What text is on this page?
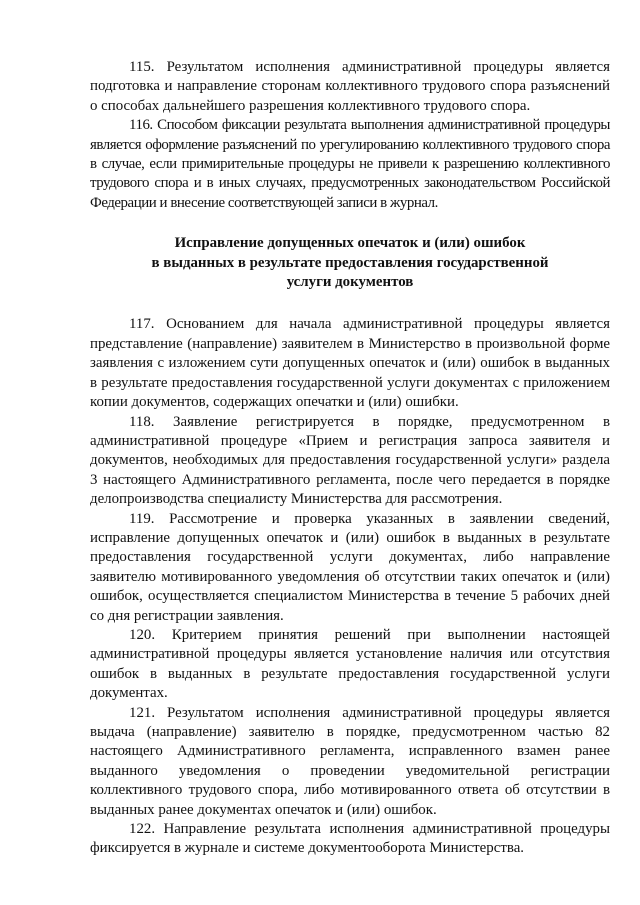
115. Результатом исполнения административной процедуры является подготовка и направление сторонам коллективного трудового спора разъяснений о способах дальнейшего разрешения коллективного трудового спора.

116. Способом фиксации результата выполнения административной процедуры является оформление разъяснений по урегулированию коллективного трудового спора в случае, если примирительные процедуры не привели к разрешению коллективного трудового спора и в иных случаях, предусмотренных законодательством Российской Федерации и внесение соответствующей записи в журнал.

Исправление допущенных опечаток и (или) ошибок
в выданных в результате предоставления государственной
услуги документов

117. Основанием для начала административной процедуры является представление (направление) заявителем в Министерство в произвольной форме заявления с изложением сути допущенных опечаток и (или) ошибок в выданных в результате предоставления государственной услуги документах с приложением копии документов, содержащих опечатки и (или) ошибки.

118. Заявление регистрируется в порядке, предусмотренном в административной процедуре «Прием и регистрация запроса заявителя и документов, необходимых для предоставления государственной услуги» раздела 3 настоящего Административного регламента, после чего передается в порядке делопроизводства специалисту Министерства для рассмотрения.

119. Рассмотрение и проверка указанных в заявлении сведений, исправление допущенных опечаток и (или) ошибок в выданных в результате предоставления государственной услуги документах, либо направление заявителю мотивированного уведомления об отсутствии таких опечаток и (или) ошибок, осуществляется специалистом Министерства в течение 5 рабочих дней со дня регистрации заявления.

120. Критерием принятия решений при выполнении настоящей административной процедуры является установление наличия или отсутствия ошибок в выданных в результате предоставления государственной услуги документах.

121. Результатом исполнения административной процедуры является выдача (направление) заявителю в порядке, предусмотренном частью 82 настоящего Административного регламента, исправленного взамен ранее выданного уведомления о проведении уведомительной регистрации коллективного трудового спора, либо мотивированного ответа об отсутствии в выданных ранее документах опечаток и (или) ошибок.

122. Направление результата исполнения административной процедуры фиксируется в журнале и системе документооборота Министерства.
